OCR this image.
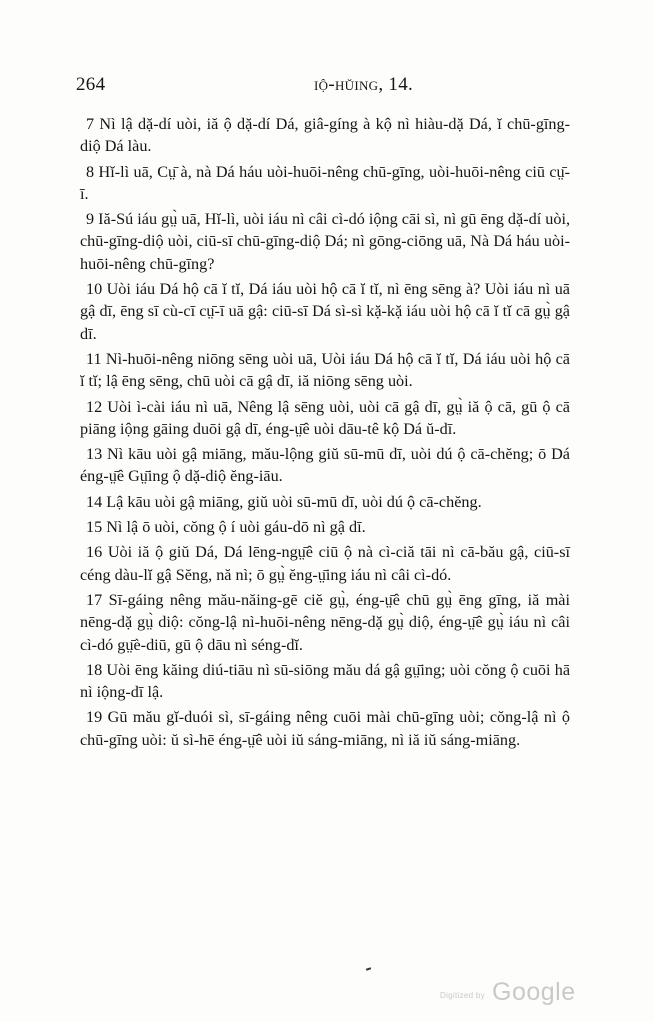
264	iộ-hŭing, 14.

7 Nì lậ dặ-dí uòi, iă ộ dặ-dí Dá, giâ-gíng à kộ nì hiàu-dặ Dá, ĭ chū-gīng-diộ Dá làu.

8 Hĭ-lì uā, Cṳ̄ à, nà Dá háu uòi-huōi-nêng chū-gīng, uòi-huōi-nêng ciū cṳ̄-ī.

9 Iă-Sú iáu gṳ̀ uā, Hĭ-lì, uòi iáu nì câi cì-dó iộng cāi sì, nì gū ēng dặ-dí uòi, chū-gīng-diộ uòi, ciū-sī chū-gīng-diộ Dá; nì gōng-ciōng uā, Nà Dá háu uòi-huōi-nêng chū-gīng?

10 Uòi iáu Dá hộ cā ĭ tĭ, Dá iáu uòi hộ cā ĭ tĭ, nì ēng sēng à? Uòi iáu nì uā gậ dī, ēng sī cù-cī cṳ̄-ī uā gậ: ciū-sī Dá sì-sì kặ-kặ iáu uòi hộ cā ĭ tĭ cā gṳ̀ gậ dī.

11 Nì-huōi-nêng niōng sēng uòi uā, Uòi iáu Dá hộ cā ĭ tĭ, Dá iáu uòi hộ cā ĭ tĭ; lậ ēng sēng, chū uòi cā gậ dī, iă niōng sēng uòi.

12 Uòi ì-cài iáu nì uā, Nêng lậ sēng uòi, uòi cā gậ dī, gṳ̀ iă ộ cā, gū ộ cā piāng iộng gāing duōi gậ dī, éng-ṳ̄ê uòi dāu-tê kộ Dá ŭ-dī.

13 Nì kāu uòi gậ miāng, mău-lộng giŭ sū-mū dī, uòi dú ộ cā-chĕng; ō Dá éng-ṳ̄ê Gṳ̄ing ộ dặ-diộ ĕng-iāu.

14 Lậ kāu uòi gậ miāng, giŭ uòi sū-mū dī, uòi dú ộ cā-chĕng.

15 Nì lậ ō uòi, cŏng ộ í uòi gáu-dō nì gậ dī.

16 Uòi iă ộ giŭ Dá, Dá lēng-ngṳ̄ê ciū ộ nà cì-ciă tāi nì cā-bău gậ, ciū-sī céng dàu-lĭ gậ Sĕng, nă nì; ō gṳ̀ ĕng-ṳ̄ing iáu nì câi cì-dó.

17 Sī-gáing nêng mău-năing-gē ciĕ gṳ̀, éng-ṳ̄ê chū gṳ̀ ēng gīng, iă mài nēng-dặ gṳ̀ diộ: cŏng-lậ nì-huōi-nêng nēng-dặ gṳ̀ diộ, éng-ṳ̄ê gṳ̀ iáu nì câi cì-dó gṳ̄è-diū, gū ộ dāu nì séng-dĭ.

18 Uòi ēng kăing diú-tiāu nì sū-siōng mău dá gậ gṳ̄ing; uòi cŏng ộ cuōi hā nì iộng-dī lậ.

19 Gū mău gĭ-duói sì, sī-gáing nêng cuōi mài chū-gīng uòi; cŏng-lậ nì ộ chū-gīng uòi: ŭ sì-hē éng-ṳ̄ê uòi iŭ sáng-miāng, nì iă iŭ sáng-miāng.

Digitized by Google
